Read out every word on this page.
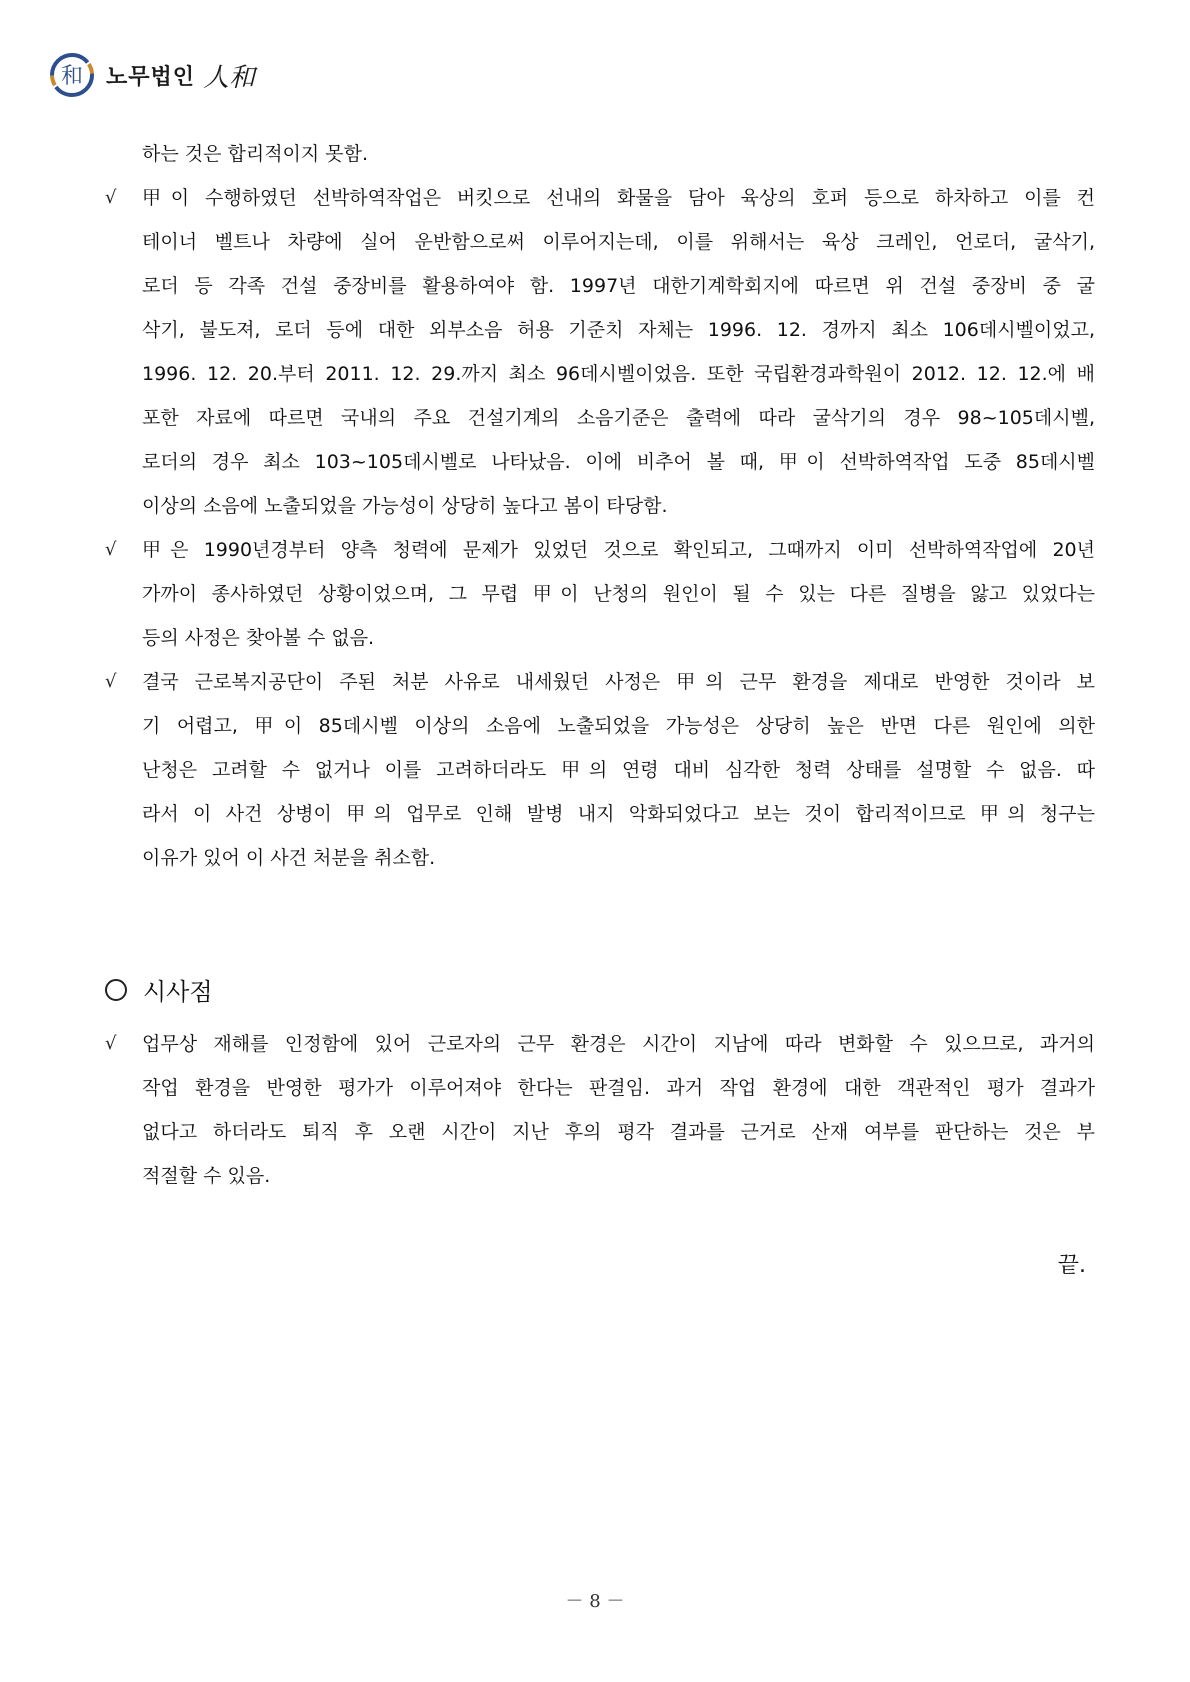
和 노무법인 人和
하는 것은 합리적이지 못함.
√ 甲이 수행하였던 선박하역작업은 버킷으로 선내의 화물을 담아 육상의 호퍼 등으로 하차하고 이를 컨
테이너 벨트나 차량에 실어 운반함으로써 이루어지는데, 이를 위해서는 육상 크레인, 언로더, 굴삭기,
로더 등 각족 건설 중장비를 활용하여야 함. 1997년 대한기계학회지에 따르면 위 건설 중장비 중 굴
삭기, 불도져, 로더 등에 대한 외부소음 허용 기준치 자체는 1996. 12. 경까지 최소 106데시벨이었고,
1996. 12. 20.부터 2011. 12. 29.까지 최소 96데시벨이었음. 또한 국립환경과학원이 2012. 12. 12.에 배
포한 자료에 따르면 국내의 주요 건설기계의 소음기준은 출력에 따라 굴삭기의 경우 98~105데시벨,
로더의 경우 최소 103~105데시벨로 나타났음. 이에 비추어 볼 때, 甲이 선박하역작업 도중 85데시벨
이상의 소음에 노출되었을 가능성이 상당히 높다고 봄이 타당함.
√ 甲은 1990년경부터 양측 청력에 문제가 있었던 것으로 확인되고, 그때까지 이미 선박하역작업에 20년
가까이 종사하였던 상황이었으며, 그 무렵 甲이 난청의 원인이 될 수 있는 다른 질병을 앓고 있었다는
등의 사정은 찾아볼 수 없음.
√ 결국 근로복지공단이 주된 처분 사유로 내세웠던 사정은 甲의 근무 환경을 제대로 반영한 것이라 보
기 어렵고, 甲이 85데시벨 이상의 소음에 노출되었을 가능성은 상당히 높은 반면 다른 원인에 의한
난청은 고려할 수 없거나 이를 고려하더라도 甲의 연령 대비 심각한 청력 상태를 설명할 수 없음. 따
라서 이 사건 상병이 甲의 업무로 인해 발병 내지 악화되었다고 보는 것이 합리적이므로 甲의 청구는
이유가 있어 이 사건 처분을 취소함.
시사점
√ 업무상 재해를 인정함에 있어 근로자의 근무 환경은 시간이 지남에 따라 변화할 수 있으므로, 과거의
작업 환경을 반영한 평가가 이루어져야 한다는 판결임. 과거 작업 환경에 대한 객관적인 평가 결과가
없다고 하더라도 퇴직 후 오랜 시간이 지난 후의 평각 결과를 근거로 산재 여부를 판단하는 것은 부
적절할 수 있음.
끝.
－ 8 －
